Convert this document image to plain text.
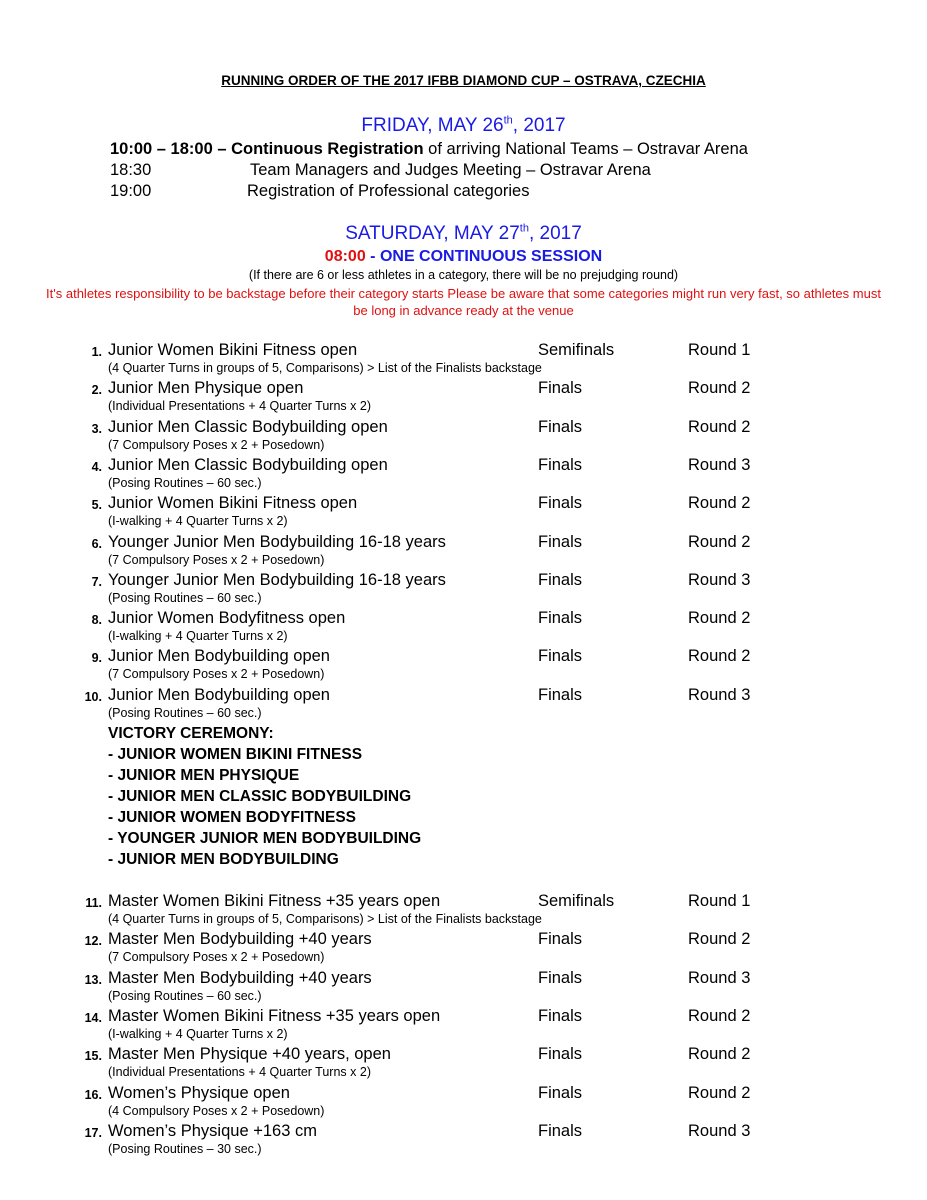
RUNNING ORDER OF THE 2017 IFBB DIAMOND CUP – OSTRAVA, CZECHIA
FRIDAY, MAY 26th, 2017
10:00 – 18:00 – Continuous Registration of arriving National Teams – Ostravar Arena
18:30	Team Managers and Judges Meeting – Ostravar Arena
19:00	Registration of Professional categories
SATURDAY, MAY 27th, 2017
08:00 - ONE CONTINUOUS SESSION
(If there are 6 or less athletes in a category, there will be no prejudging round)
It's athletes responsibility to be backstage before their category starts Please be aware that some categories might run very fast, so athletes must be long in advance ready at the venue
1. Junior Women Bikini Fitness open	Semifinals	Round 1
(4 Quarter Turns in groups of 5, Comparisons) > List of the Finalists backstage
2. Junior Men Physique open	Finals	Round 2
(Individual Presentations + 4 Quarter Turns x 2)
3. Junior Men Classic Bodybuilding open	Finals	Round 2
(7 Compulsory Poses x 2 + Posedown)
4. Junior Men Classic Bodybuilding open	Finals	Round 3
(Posing Routines – 60 sec.)
5. Junior Women Bikini Fitness open	Finals	Round 2
(I-walking + 4 Quarter Turns x 2)
6. Younger Junior Men Bodybuilding 16-18 years	Finals	Round 2
(7 Compulsory Poses x 2 + Posedown)
7. Younger Junior Men Bodybuilding 16-18 years	Finals	Round 3
(Posing Routines – 60 sec.)
8. Junior Women Bodyfitness open	Finals	Round 2
(I-walking + 4 Quarter Turns x 2)
9. Junior Men Bodybuilding open	Finals	Round 2
(7 Compulsory Poses x 2 + Posedown)
10. Junior Men Bodybuilding open	Finals	Round 3
(Posing Routines – 60 sec.)
VICTORY CEREMONY:
- JUNIOR WOMEN BIKINI FITNESS
- JUNIOR MEN PHYSIQUE
- JUNIOR MEN CLASSIC BODYBUILDING
- JUNIOR WOMEN BODYFITNESS
- YOUNGER JUNIOR MEN BODYBUILDING
- JUNIOR MEN BODYBUILDING
11. Master Women Bikini Fitness +35 years open	Semifinals	Round 1
(4 Quarter Turns in groups of 5, Comparisons) > List of the Finalists backstage
12. Master Men Bodybuilding +40 years	Finals	Round 2
(7 Compulsory Poses x 2 + Posedown)
13. Master Men Bodybuilding +40 years	Finals	Round 3
(Posing Routines – 60 sec.)
14. Master Women Bikini Fitness +35 years open	Finals	Round 2
(I-walking + 4 Quarter Turns x 2)
15. Master Men Physique +40 years, open	Finals	Round 2
(Individual Presentations + 4 Quarter Turns x 2)
16. Women’s Physique open	Finals	Round 2
(4 Compulsory Poses x 2 + Posedown)
17. Women’s Physique +163 cm	Finals	Round 3
(Posing Routines – 30 sec.)
